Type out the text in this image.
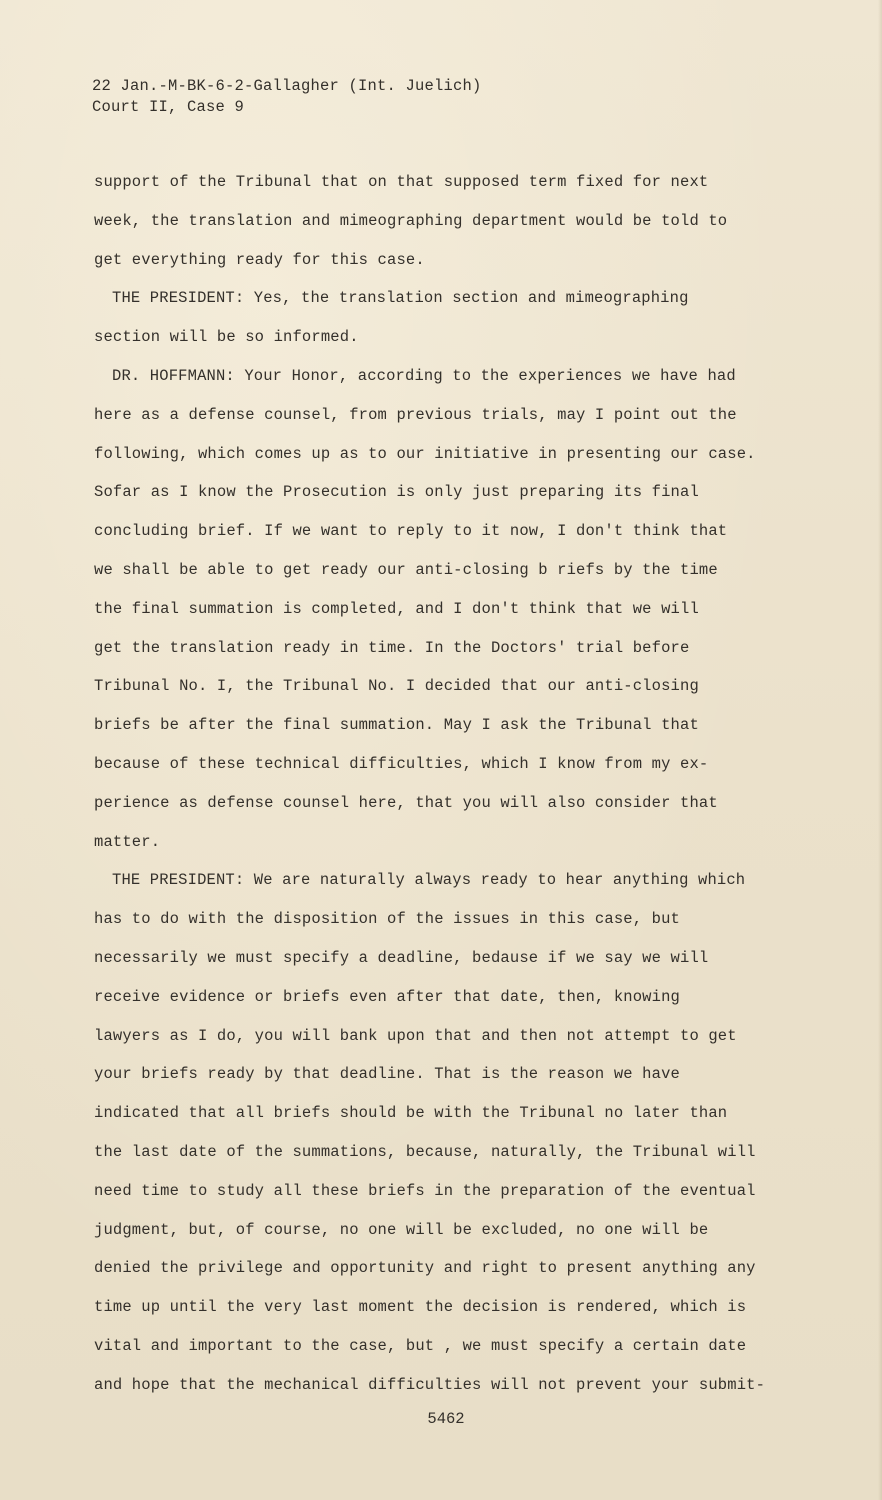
22 Jan.-M-BK-6-2-Gallagher (Int. Juelich)
Court II, Case 9
support of the Tribunal that on that supposed term fixed for next
week, the translation and mimeographing department would be told to
get everything ready for this case.
THE PRESIDENT: Yes, the translation section and mimeographing
section will be so informed.
DR. HOFFMANN: Your Honor, according to the experiences we have had
here as a defense counsel, from previous trials, may I point out the
following, which comes up as to our initiative in presenting our case.
Sofar as I know the Prosecution is only just preparing its final
concluding brief. If we want to reply to it now, I don't think that
we shall be able to get ready our anti-closing b riefs by the time
the final summation is completed, and I don't think that we will
get the translation ready in time. In the Doctors' trial before
Tribunal No. I, the Tribunal No. I decided that our anti-closing
briefs be after the final summation. May I ask the Tribunal that
because of these technical difficulties, which I know from my ex-
perience as defense counsel here, that you will also consider that
matter.
THE PRESIDENT: We are naturally always ready to hear anything which
has to do with the disposition of the issues in this case, but
necessarily we must specify a deadline, bedause if we say we will
receive evidence or briefs even after that date, then, knowing
lawyers as I do, you will bank upon that and then not attempt to get
your briefs ready by that deadline. That is the reason we have
indicated that all briefs should be with the Tribunal no later than
the last date of the summations, because, naturally, the Tribunal will
need time to study all these briefs in the preparation of the eventual
judgment, but, of course, no one will be excluded, no one will be
denied the privilege and opportunity and right to present anything any
time up until the very last moment the decision is rendered, which is
vital and important to the case, but , we must specify a certain date
and hope that the mechanical difficulties will not prevent your submit-
5462
